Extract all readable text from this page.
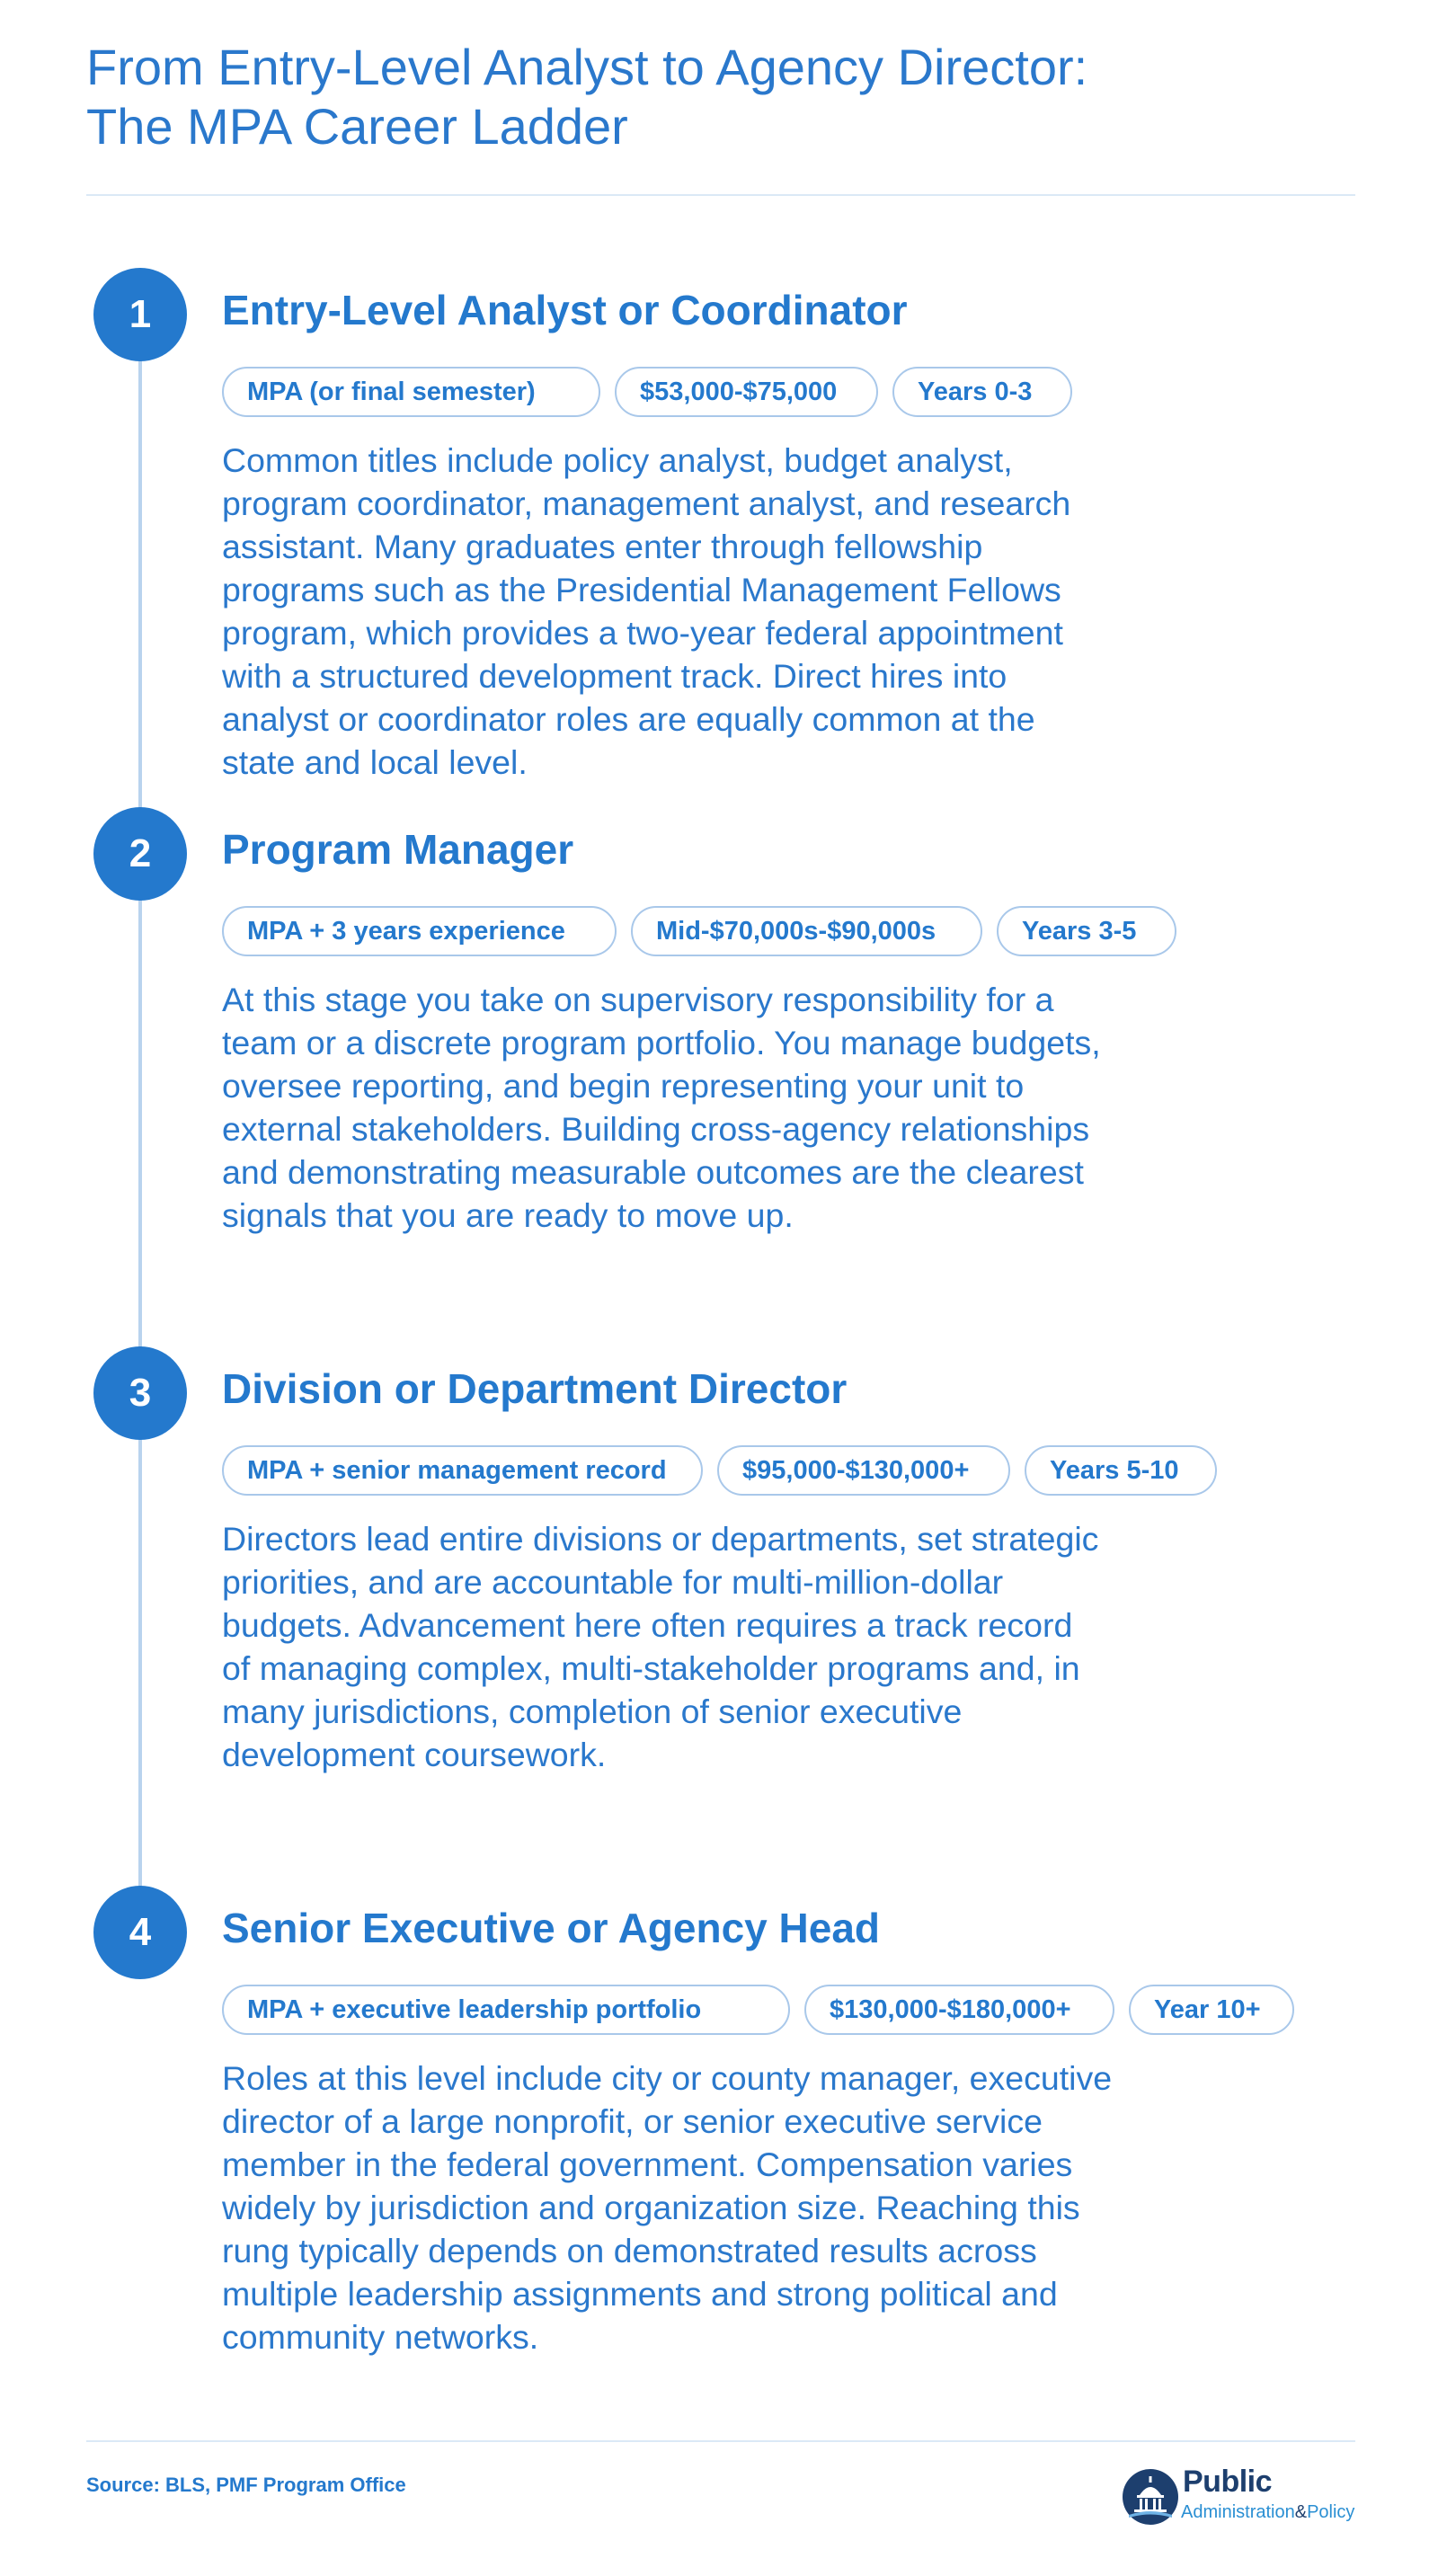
From Entry-Level Analyst to Agency Director:
The MPA Career Ladder
1	Entry-Level Analyst or Coordinator
MPA (or final semester)	$53,000-$75,000	Years 0-3

Common titles include policy analyst, budget analyst, program coordinator, management analyst, and research assistant. Many graduates enter through fellowship programs such as the Presidential Management Fellows program, which provides a two-year federal appointment with a structured development track. Direct hires into analyst or coordinator roles are equally common at the state and local level.

2	Program Manager
MPA + 3 years experience	Mid-$70,000s-$90,000s	Years 3-5

At this stage you take on supervisory responsibility for a team or a discrete program portfolio. You manage budgets, oversee reporting, and begin representing your unit to external stakeholders. Building cross-agency relationships and demonstrating measurable outcomes are the clearest signals that you are ready to move up.

3	Division or Department Director
MPA + senior management record	$95,000-$130,000+	Years 5-10

Directors lead entire divisions or departments, set strategic priorities, and are accountable for multi-million-dollar budgets. Advancement here often requires a track record of managing complex, multi-stakeholder programs and, in many jurisdictions, completion of senior executive development coursework.

4	Senior Executive or Agency Head
MPA + executive leadership portfolio	$130,000-$180,000+	Year 10+

Roles at this level include city or county manager, executive director of a large nonprofit, or senior executive service member in the federal government. Compensation varies widely by jurisdiction and organization size. Reaching this rung typically depends on demonstrated results across multiple leadership assignments and strong political and community networks.

Source: BLS, PMF Program Office	Public
Administration&Policy
